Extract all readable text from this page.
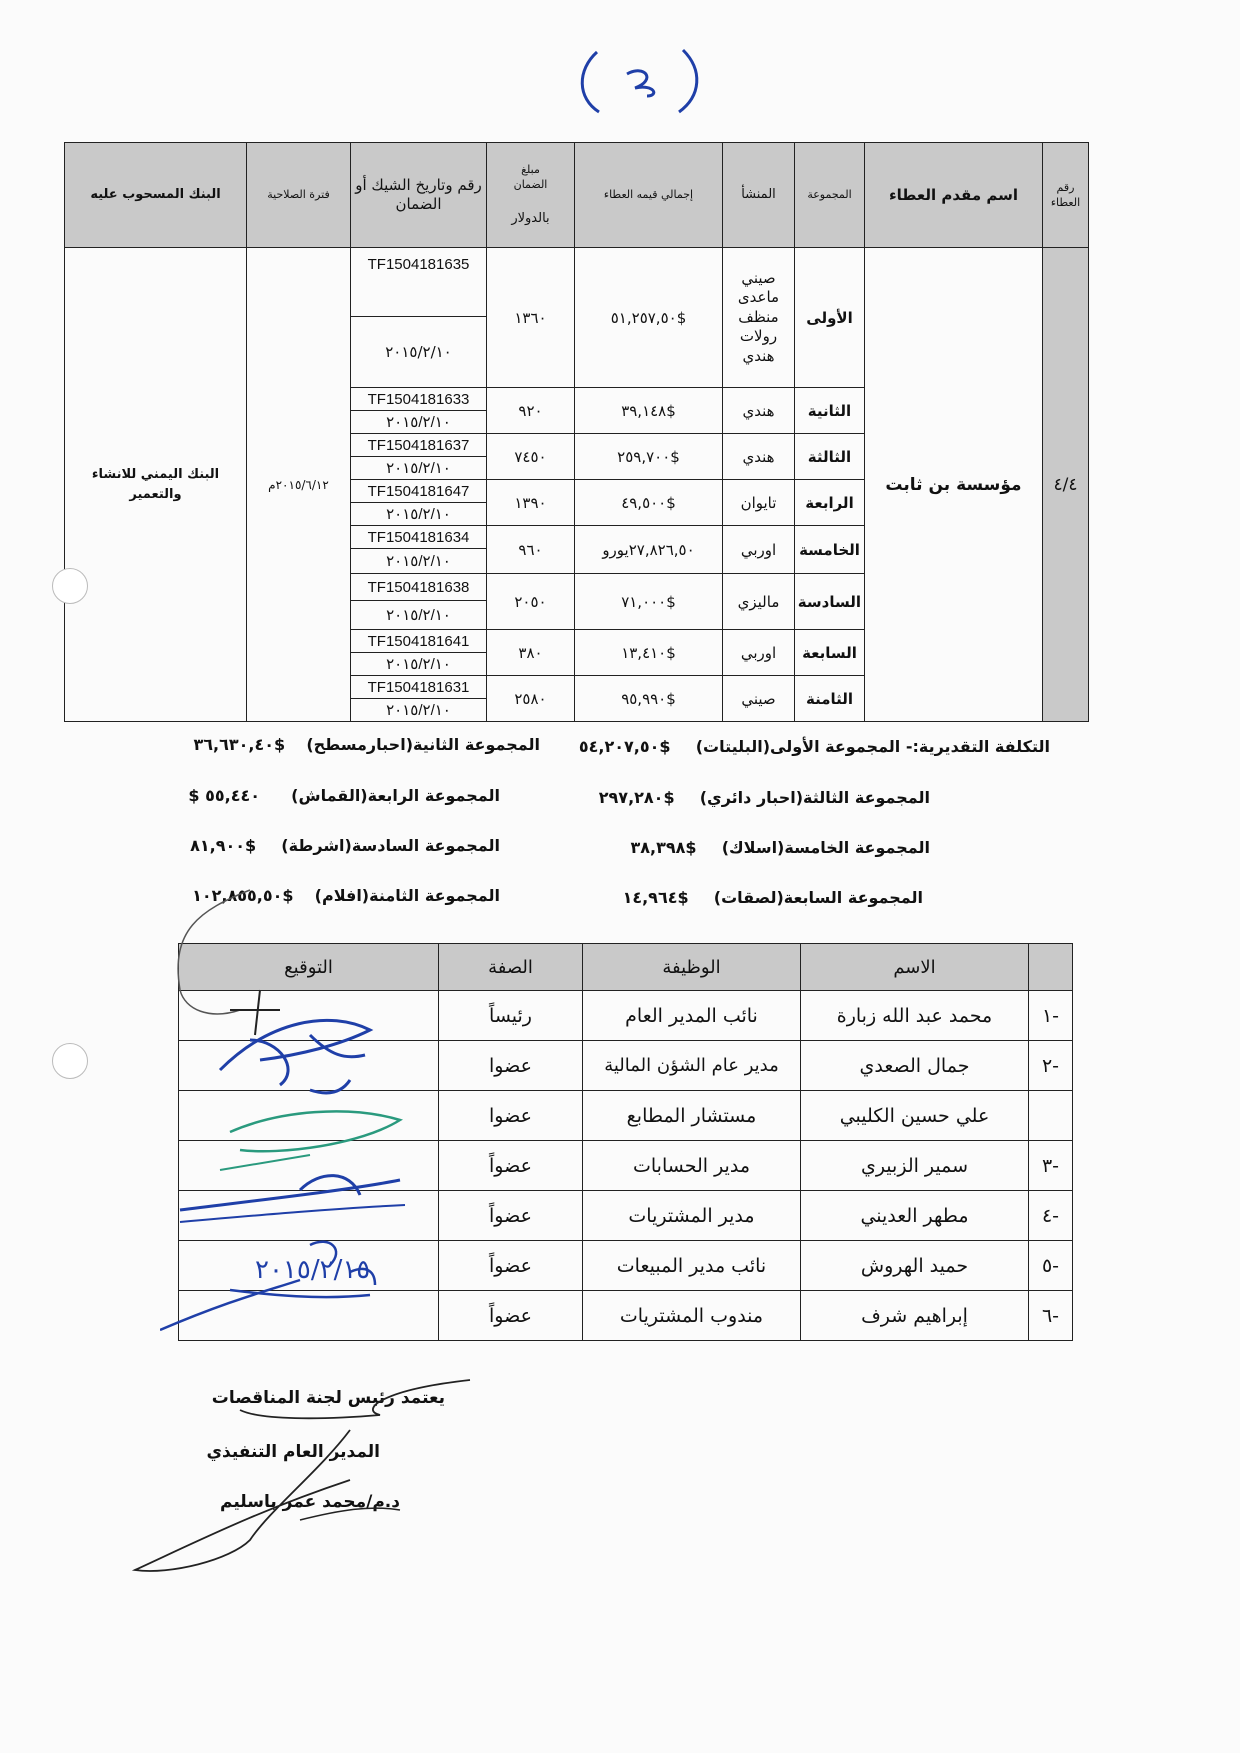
رقم العطاء	اسم مقدم العطاء	المجموعة	المنشأ	إجمالي قيمه العطاء	مبلغ الضمان
بالدولار	رقم وتاريخ الشيك أو الضمان	فترة الصلاحية	البنك المسحوب عليه
٤/٤	مؤسسة بن ثابت	الأولى	صيني ماعدى منظف رولات هندي	$٥١,٢٥٧,٥٠	١٣٦٠	TF1504181635	٢٠١٥/٦/١٢م	البنك اليمني للانشاء والتعمير
						٢٠١٥/٢/١٠		
		الثانية	هندي	$٣٩,١٤٨	٩٢٠	TF1504181633		
						٢٠١٥/٢/١٠		
		الثالثة	هندي	$٢٥٩,٧٠٠	٧٤٥٠	TF1504181637		
						٢٠١٥/٢/١٠		
		الرابعة	تايوان	$٤٩,٥٠٠	١٣٩٠	TF1504181647		
						٢٠١٥/٢/١٠		
		الخامسة	اوربي	٢٧,٨٢٦,٥٠يورو	٩٦٠	TF1504181634		
						٢٠١٥/٢/١٠		
		السادسة	ماليزي	$٧١,٠٠٠	٢٠٥٠	TF1504181638		
						٢٠١٥/٢/١٠		
		السابعة	اوربي	$١٣,٤١٠	٣٨٠	TF1504181641		
						٢٠١٥/٢/١٠		
		الثامنة	صيني	$٩٥,٩٩٠	٢٥٨٠	TF1504181631		
						٢٠١٥/٢/١٠		
التكلفة التقديرية:- المجموعة الأولى(البليتات)  $٥٤,٢٠٧,٥٠
المجموعة الثانية(احبارمسطح)  $٣٦,٦٣٠,٤٠
المجموعة الثالثة(احبار دائري)  $٢٩٧,٢٨٠
المجموعة الرابعة(القماش)  ٥٥,٤٤٠ $
المجموعة الخامسة(اسلاك)  $٣٨,٣٩٨
المجموعة السادسة(اشرطة)  $٨١,٩٠٠
المجموعة السابعة(لصقات)  $١٤,٩٦٤
المجموعة الثامنة(افلام)  $١٠٢,٨٥٥,٥٠
	الاسم	الوظيفة	الصفة	التوقيع
-١	محمد عبد الله زبارة	نائب المدير العام	رئيساً	
-٢	جمال الصعدي	مدير عام الشؤن المالية	عضوا	
	علي حسين الكليبي	مستشار المطابع	عضوا	
-٣	سمير الزبيري	مدير الحسابات	عضواً	
-٤	مطهر العديني	مدير المشتريات	عضواً	
-٥	حميد الهروش	نائب مدير المبيعات	عضواً	
-٦	إبراهيم شرف	مندوب المشتريات	عضواً	
٢٠١٥/٢/١٥
يعتمد رئيس لجنة المناقصات
المدير العام التنفيذي
د.م/محمد عمر باسليم
